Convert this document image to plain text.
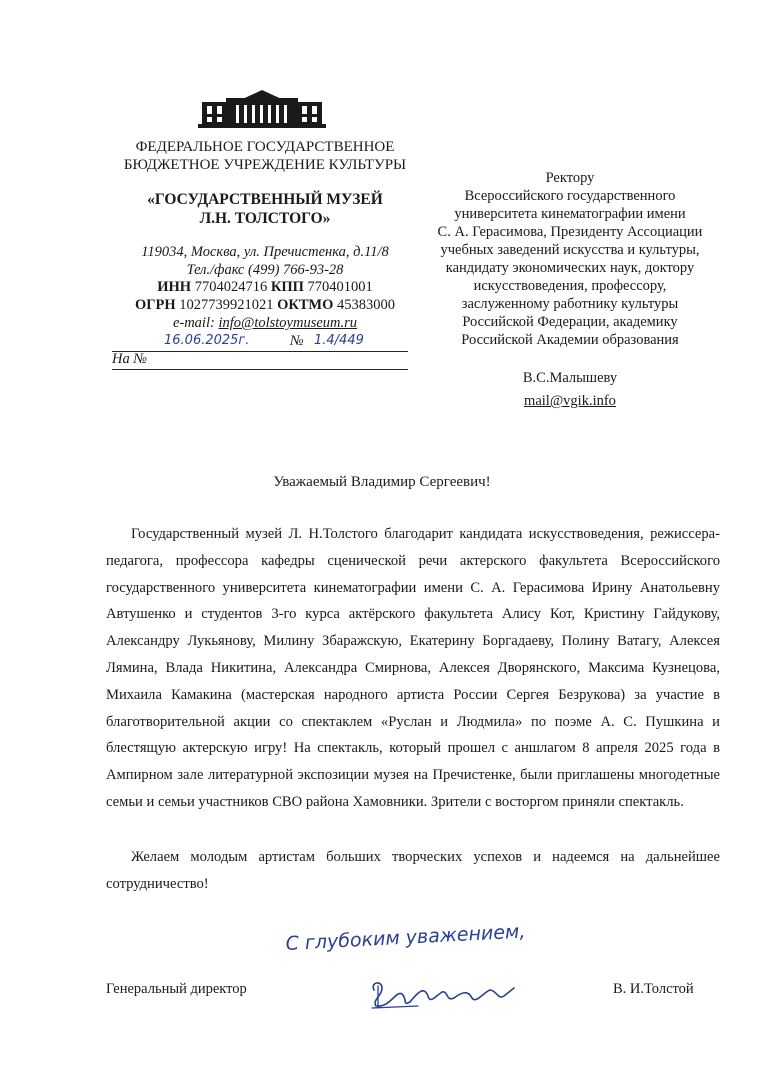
ФЕДЕРАЛЬНОЕ ГОСУДАРСТВЕННОЕ
БЮДЖЕТНОЕ УЧРЕЖДЕНИЕ КУЛЬТУРЫ
«ГОСУДАРСТВЕННЫЙ МУЗЕЙ
Л.Н. ТОЛСТОГО»
119034, Москва, ул. Пречистенка, д.11/8
Тел./факс (499) 766-93-28
ИНН 7704024716 КПП 770401001
ОГРН 1027739921021 ОКТМО 45383000
e-mail: info@tolstoymuseum.ru
16.06.2025г.	№ 1.4/449
На №
Ректору
Всероссийского государственного
университета кинематографии имени
С. А. Герасимова, Президенту Ассоциации
учебных заведений искусства и культуры,
кандидату экономических наук, доктору
искусствоведения, профессору,
заслуженному работнику культуры
Российской Федерации, академику
Российской Академии образования
В.С.Малышеву
mail@vgik.info
Уважаемый Владимир Сергеевич!
Государственный музей Л. Н.Толстого благодарит кандидата искусствоведения, режиссера-педагога, профессора кафедры сценической речи актерского факультета Всероссийского государственного университета кинематографии имени С. А. Герасимова Ирину Анатольевну Автушенко и студентов 3-го курса актёрского факультета Алису Кот, Кристину Гайдукову, Александру Лукьянову, Милину Збаражскую, Екатерину Боргадаеву, Полину Ватагу, Алексея Лямина, Влада Никитина, Александра Смирнова, Алексея Дворянского, Максима Кузнецова, Михаила Камакина (мастерская народного артиста России Сергея Безрукова) за участие в благотворительной акции со спектаклем «Руслан и Людмила» по поэме А. С. Пушкина и блестящую актерскую игру! На спектакль, который прошел с аншлагом 8 апреля 2025 года в Ампирном зале литературной экспозиции музея на Пречистенке, были приглашены многодетные семьи и семьи участников СВО района Хамовники. Зрители с восторгом приняли спектакль.
Желаем молодым артистам больших творческих успехов и надеемся на дальнейшее сотрудничество!
С глубоким уважением,
Генеральный директор	В. И.Толстой
